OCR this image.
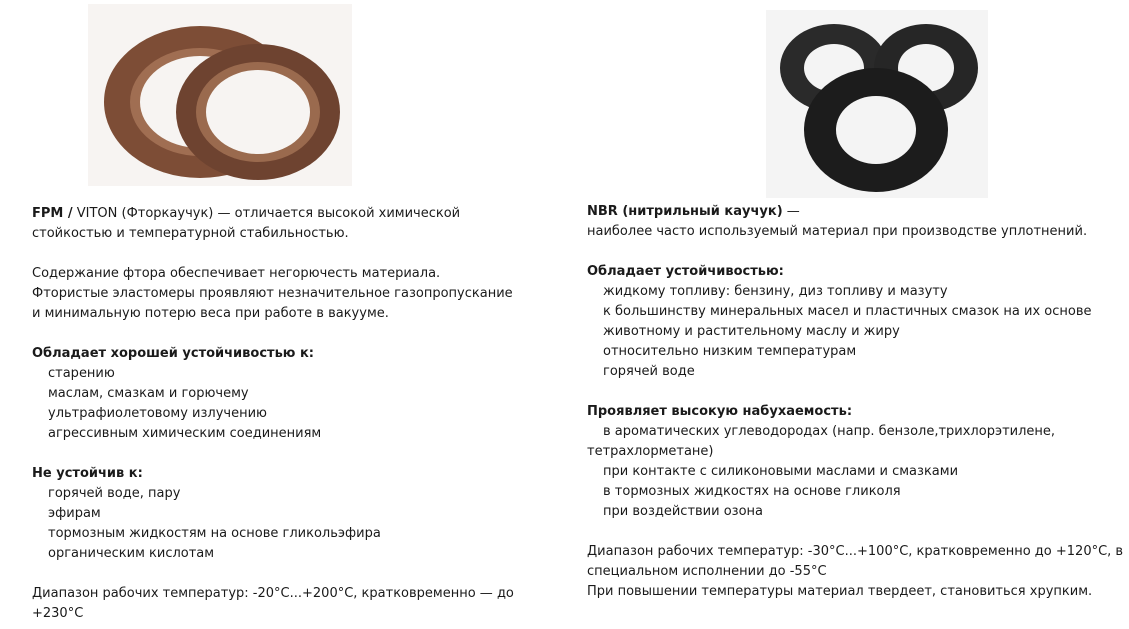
FPM / VITON (Фторкаучук) — отличается высокой химической

стойкостью и температурной стабильностью.

Содержание фтора обеспечивает негорючесть материала.

Фтористые эластомеры проявляют незначительное газопропускание

и минимальную потерю веса при работе в вакууме.

Обладает хорошей устойчивостью к:

старению

маслам, смазкам и горючему

ультрафиолетовому излучению

агрессивным химическим соединениям

Не устойчив к:

горячей воде, пару

эфирам

тормозным жидкостям на основе гликольэфира

органическим кислотам

Диапазон рабочих температур: -20°C...+200°C, кратковременно — до

+230°C

NBR (нитрильный каучук) —

наиболее часто используемый материал при производстве уплотнений.

Обладает устойчивостью:

жидкому топливу: бензину, диз топливу и мазуту

к большинству минеральных масел и пластичных смазок на их основе

животному и растительному маслу и жиру

относительно низким температурам

горячей воде

Проявляет высокую набухаемость:

в ароматических углеводородах (напр. бензоле,трихлорэтилене,

тетрахлорметане)

при контакте с силиконовыми маслами и смазками

в тормозных жидкостях на основе гликоля

при воздействии озона

Диапазон рабочих температур: -30°C...+100°C, кратковременно до +120°C, в

специальном исполнении до -55°C

При повышении температуры материал твердеет, становиться хрупким.
